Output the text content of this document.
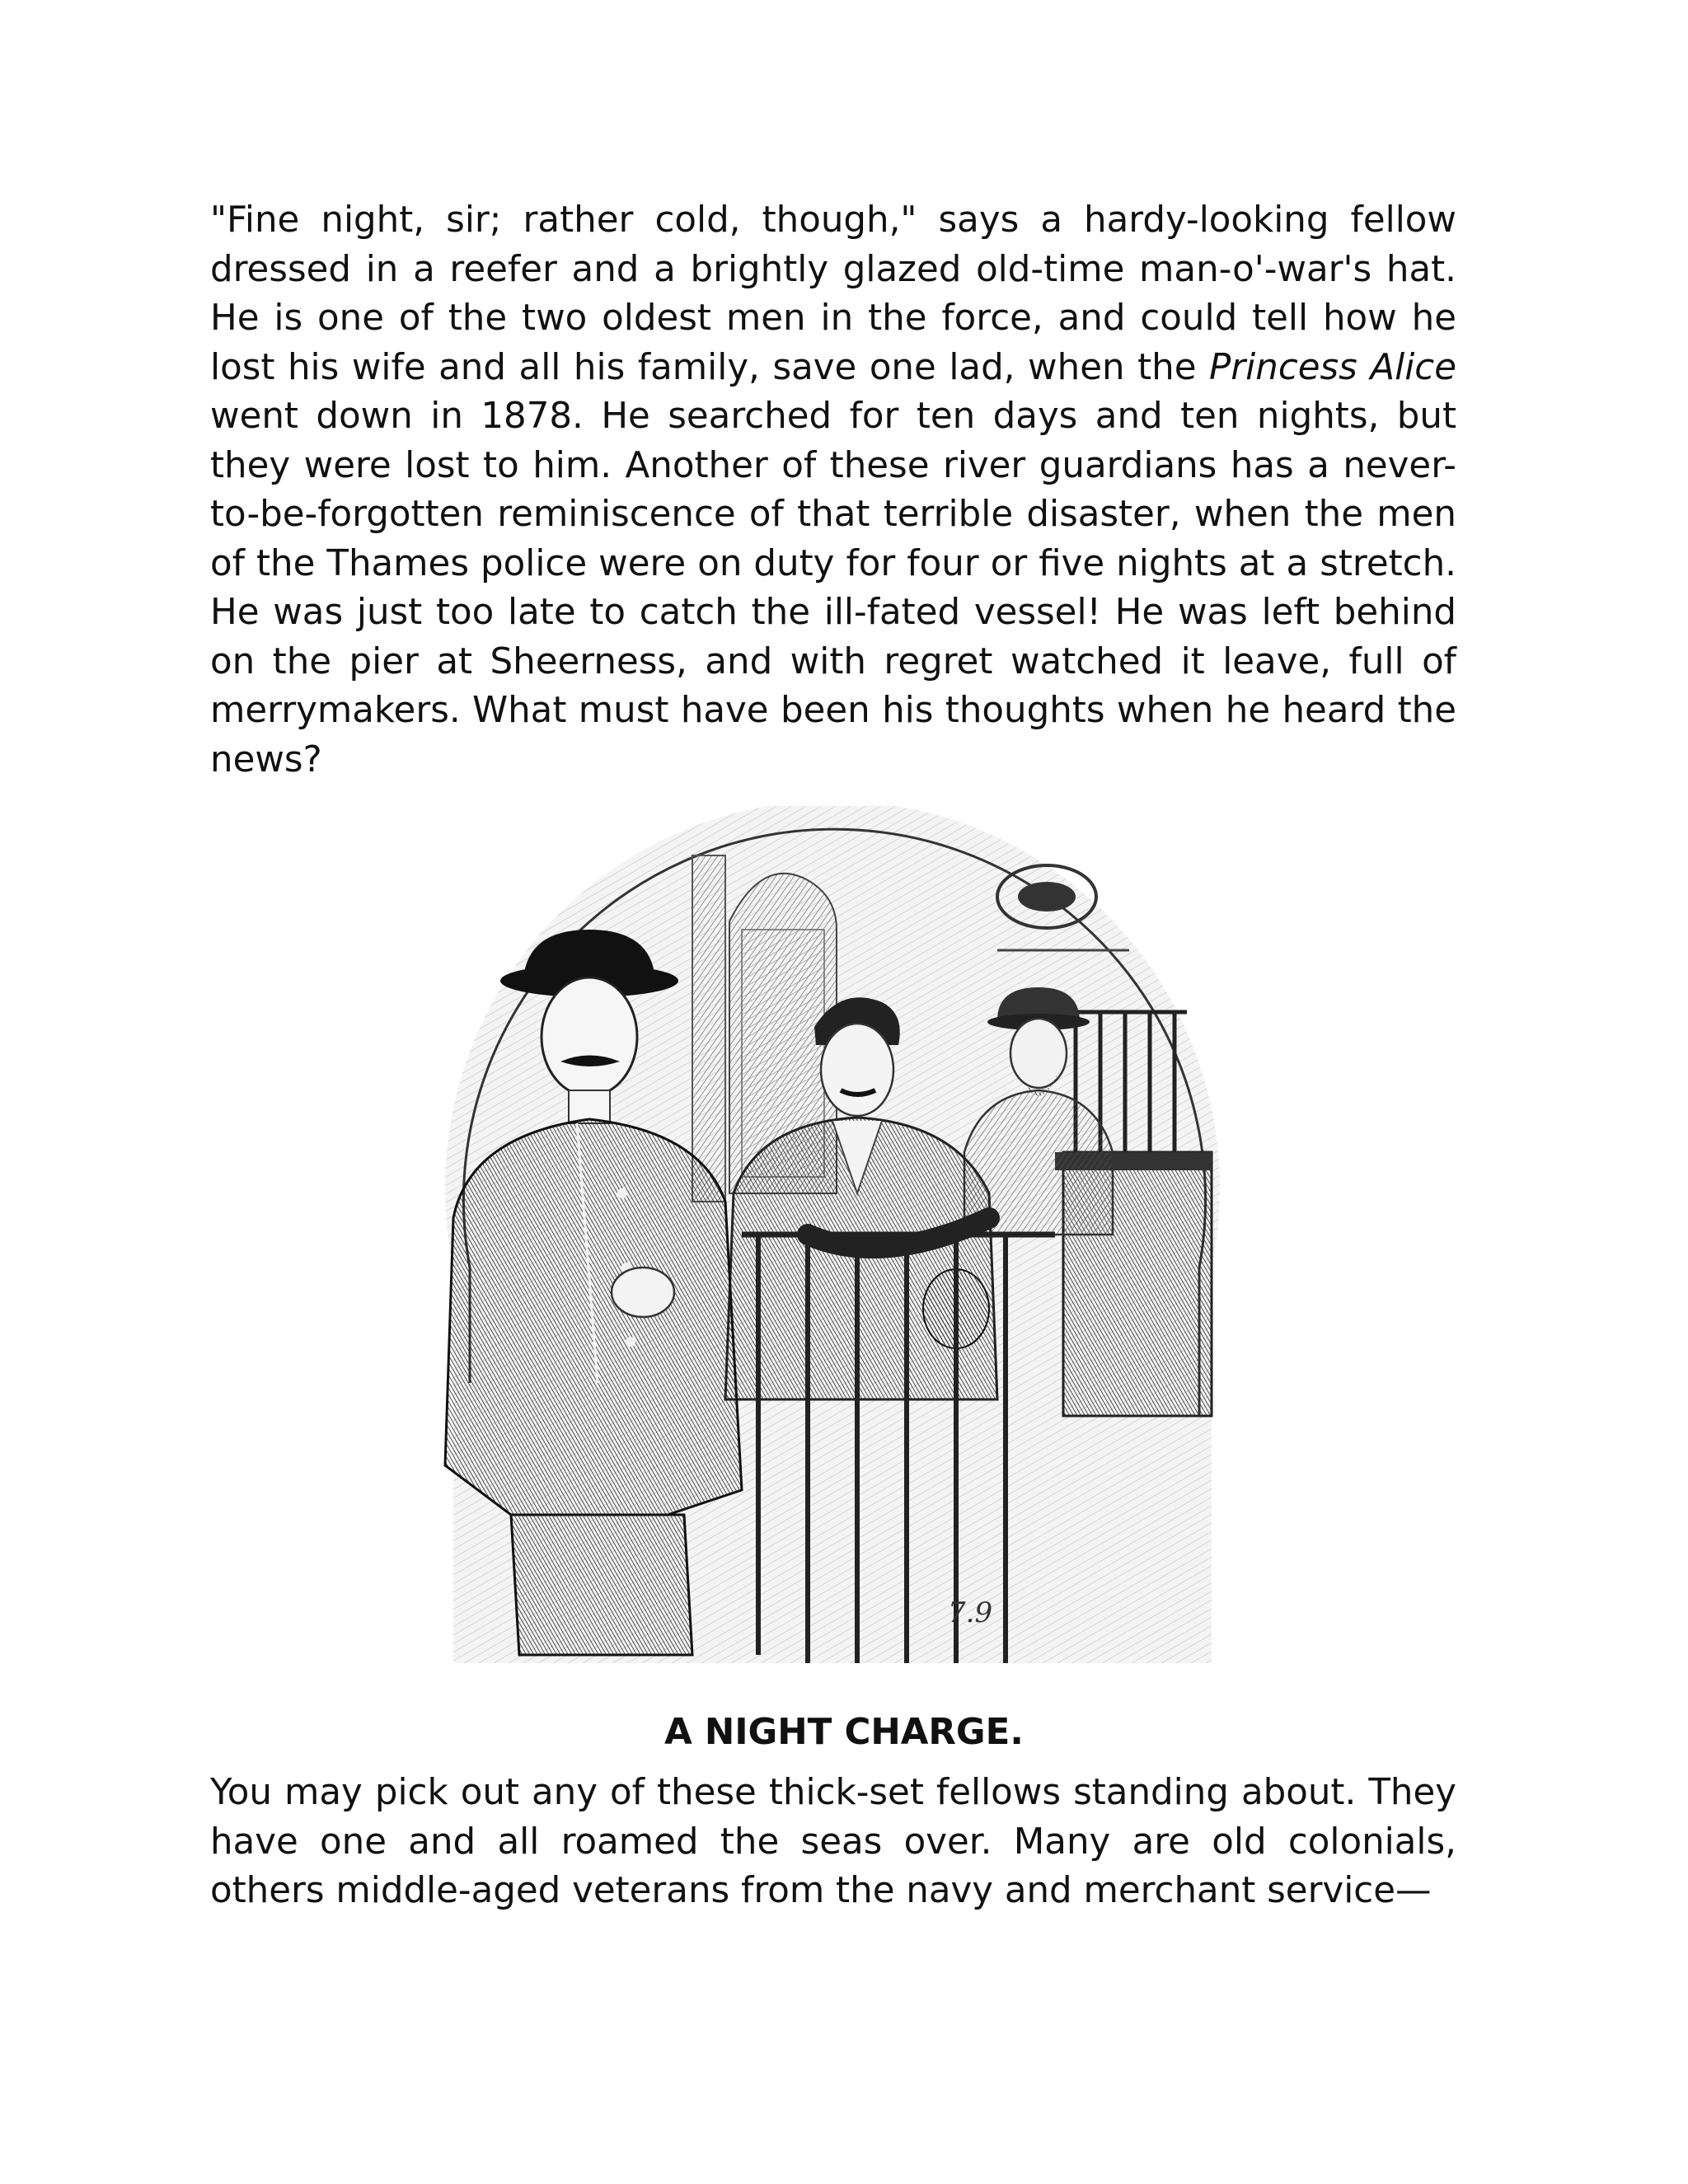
"Fine night, sir; rather cold, though," says a hardy-looking fellow dressed in a reefer and a brightly glazed old-time man-o'-war's hat. He is one of the two oldest men in the force, and could tell how he lost his wife and all his family, save one lad, when the Princess Alice went down in 1878. He searched for ten days and ten nights, but they were lost to him. Another of these river guardians has a never-to-be-forgotten reminiscence of that terrible disaster, when the men of the Thames police were on duty for four or five nights at a stretch. He was just too late to catch the ill-fated vessel! He was left behind on the pier at Sheerness, and with regret watched it leave, full of merrymakers. What must have been his thoughts when he heard the news?

7.9

A NIGHT CHARGE.

You may pick out any of these thick-set fellows standing about. They have one and all roamed the seas over. Many are old colonials, others middle-aged veterans from the navy and merchant service—
